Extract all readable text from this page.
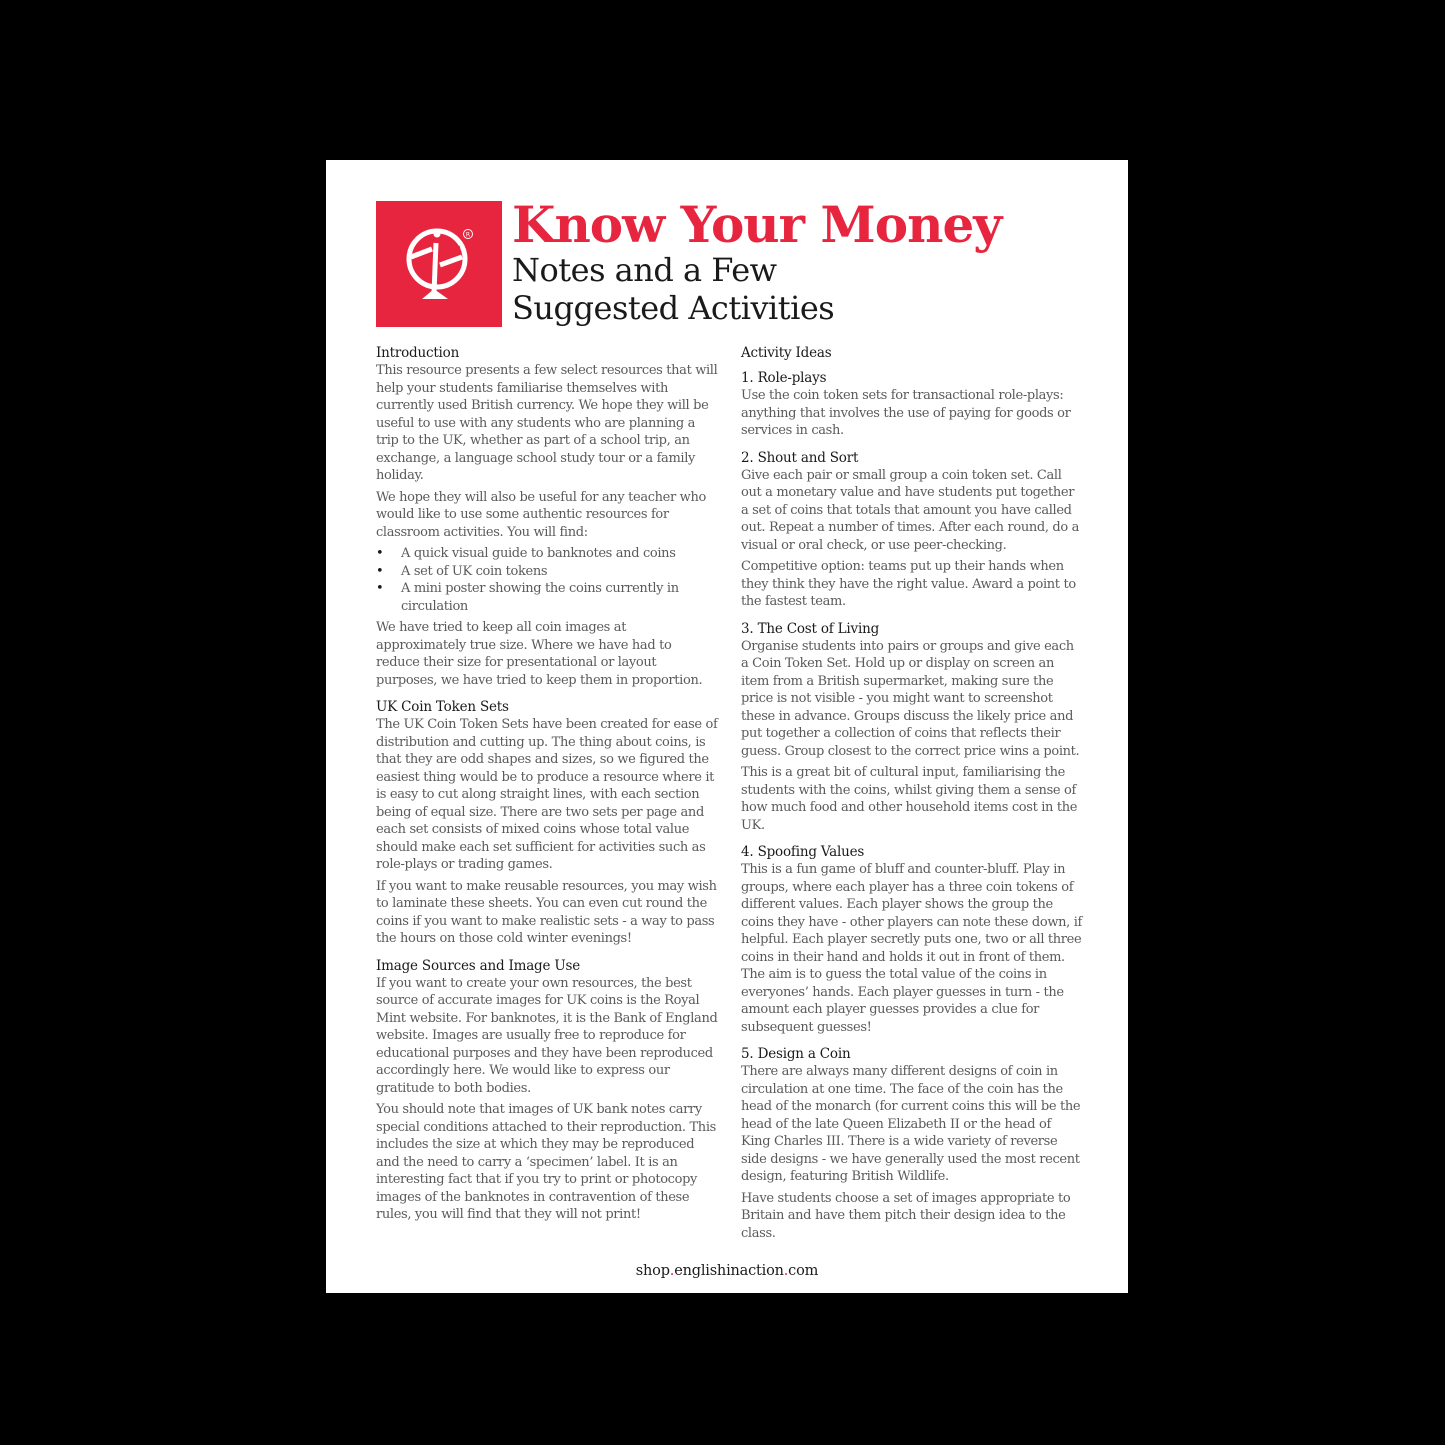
R Know Your Money
Notes and a Few
Suggested Activities
Introduction

This resource presents a few select resources that will help your students familiarise themselves with currently used British currency. We hope they will be useful to use with any students who are planning a trip to the UK, whether as part of a school trip, an exchange, a language school study tour or a family holiday.

We hope they will also be useful for any teacher who would like to use some authentic resources for classroom activities. You will find:

• A quick visual guide to banknotes and coins
• A set of UK coin tokens
• A mini poster showing the coins currently in circulation

We have tried to keep all coin images at approximately true size. Where we have had to reduce their size for presentational or layout purposes, we have tried to keep them in proportion.

UK Coin Token Sets

The UK Coin Token Sets have been created for ease of distribution and cutting up. The thing about coins, is that they are odd shapes and sizes, so we figured the easiest thing would be to produce a resource where it is easy to cut along straight lines, with each section being of equal size. There are two sets per page and each set consists of mixed coins whose total value should make each set sufficient for activities such as role-plays or trading games.

If you want to make reusable resources, you may wish to laminate these sheets. You can even cut round the coins if you want to make realistic sets - a way to pass the hours on those cold winter evenings!

Image Sources and Image Use

If you want to create your own resources, the best source of accurate images for UK coins is the Royal Mint website. For banknotes, it is the Bank of England website. Images are usually free to reproduce for educational purposes and they have been reproduced accordingly here. We would like to express our gratitude to both bodies.

You should note that images of UK bank notes carry special conditions attached to their reproduction. This includes the size at which they may be reproduced and the need to carry a ‘specimen’ label. It is an interesting fact that if you try to print or photocopy images of the banknotes in contravention of these rules, you will find that they will not print!

Activity Ideas
1. Role-plays

Use the coin token sets for transactional role-plays: anything that involves the use of paying for goods or services in cash.

2. Shout and Sort

Give each pair or small group a coin token set. Call out a monetary value and have students put together a set of coins that totals that amount you have called out. Repeat a number of times. After each round, do a visual or oral check, or use peer-checking.

Competitive option: teams put up their hands when they think they have the right value. Award a point to the fastest team.

3. The Cost of Living

Organise students into pairs or groups and give each a Coin Token Set. Hold up or display on screen an item from a British supermarket, making sure the price is not visible - you might want to screenshot these in advance. Groups discuss the likely price and put together a collection of coins that reflects their guess. Group closest to the correct price wins a point.

This is a great bit of cultural input, familiarising the students with the coins, whilst giving them a sense of how much food and other household items cost in the UK.

4. Spoofing Values

This is a fun game of bluff and counter-bluff. Play in groups, where each player has a three coin tokens of different values. Each player shows the group the coins they have - other players can note these down, if helpful. Each player secretly puts one, two or all three coins in their hand and holds it out in front of them. The aim is to guess the total value of the coins in everyones’ hands. Each player guesses in turn - the amount each player guesses provides a clue for subsequent guesses!

5. Design a Coin

There are always many different designs of coin in circulation at one time. The face of the coin has the head of the monarch (for current coins this will be the head of the late Queen Elizabeth II or the head of King Charles III. There is a wide variety of reverse side designs - we have generally used the most recent design, featuring British Wildlife.

Have students choose a set of images appropriate to Britain and have them pitch their design idea to the class.

shop.englishinaction.com
